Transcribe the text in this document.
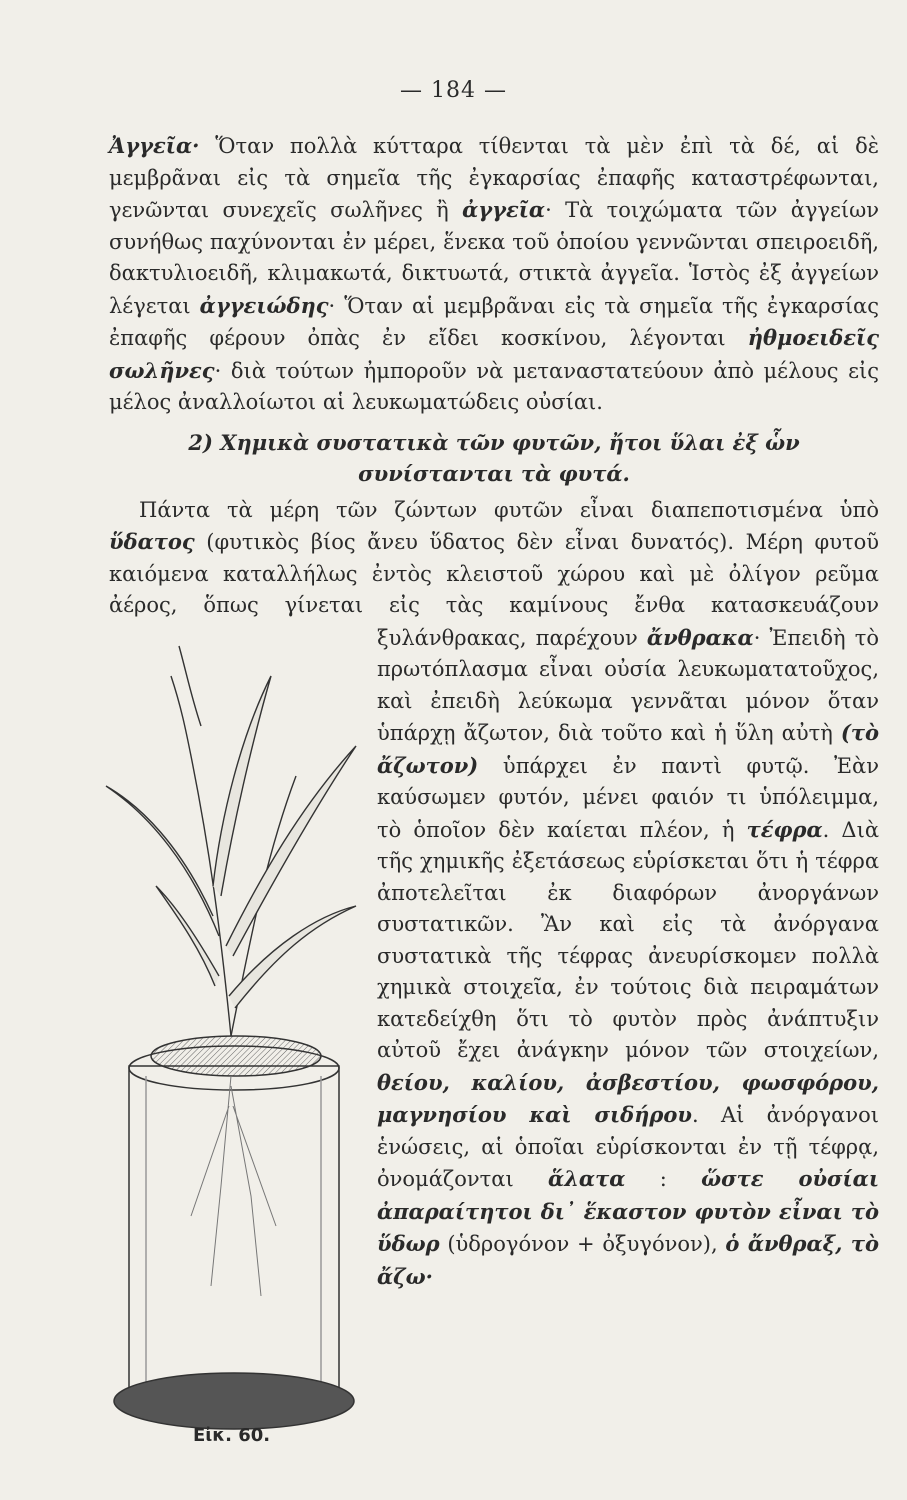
— 184 —

Ἀγγεῖα· Ὅταν πολλὰ κύτταρα τίθενται τὰ μὲν ἐπὶ τὰ δέ, αἱ δὲ μεμβρᾶναι εἰς τὰ σημεῖα τῆς ἐγκαρσίας ἐπαφῆς καταστρέφωνται, γενῶνται συνεχεῖς σωλῆνες ἢ ἀγγεῖα· Τὰ τοιχώματα τῶν ἀγγείων συνήθως παχύνονται ἐν μέρει, ἕνεκα τοῦ ὁποίου γεννῶνται σπειροειδῆ, δακτυλιοειδῆ, κλιμακωτά, δικτυωτά, στικτὰ ἀγγεῖα. Ἱστὸς ἐξ ἀγγείων λέγεται ἀγγειώδης· Ὅταν αἱ μεμβρᾶναι εἰς τὰ σημεῖα τῆς ἐγκαρσίας ἐπαφῆς φέρουν ὀπὰς ἐν εἴδει κοσκίνου, λέγονται ἠθμοειδεῖς σωλῆνες· διὰ τούτων ἠμποροῦν νὰ μεταναστατεύουν ἀπὸ μέλους εἰς μέλος ἀναλλοίωτοι αἱ λευκωματώδεις οὐσίαι.

2) Χημικὰ συστατικὰ τῶν φυτῶν, ἤτοι ὕλαι ἐξ ὧν
συνίστανται τὰ φυτά.

Πάντα τὰ μέρη τῶν ζώντων φυτῶν εἶναι διαπεποτισμένα ὑπὸ ὕδατος (φυτικὸς βίος ἄνευ ὕδατος δὲν εἶναι δυνατός). Μέρη φυτοῦ καιόμενα καταλλήλως ἐντὸς κλειστοῦ χώρου καὶ μὲ ὀλίγον ρεῦμα ἀέρος, ὅπως γίνεται εἰς τὰς καμίνους ἔνθα κατασκευάζουν ξυλάνθρακας, παρέχουν
Εἰκ. 60.
ἄνθρακα· Ἐπειδὴ τὸ πρωτόπλασμα εἶναι οὐσία λευκωματατοῦχος, καὶ ἐπειδὴ λεύκωμα γεννᾶται μόνον ὅταν ὑπάρχῃ ἄζωτον, διὰ τοῦτο καὶ ἡ ὕλη αὐτὴ (τὸ ἄζωτον) ὑπάρχει ἐν παντὶ φυτῷ. Ἐὰν καύσωμεν φυτόν, μένει φαιόν τι ὑπόλειμμα, τὸ ὁποῖον δὲν καίεται πλέον, ἡ τέφρα. Διὰ τῆς χημικῆς ἐξετάσεως εὑρίσκεται ὅτι ἡ τέφρα ἀποτελεῖται ἐκ διαφόρων ἀνοργάνων συστατικῶν. Ἂν καὶ εἰς τὰ ἀνόργανα συστατικὰ τῆς τέφρας ἀνευρίσκομεν πολλὰ χημικὰ στοιχεῖα, ἐν τούτοις διὰ πειραμάτων κατεδείχθη ὅτι τὸ φυτὸν πρὸς ἀνάπτυξιν αὐτοῦ ἔχει ἀνάγκην μόνον τῶν στοιχείων, θείου, καλίου, ἀσβεστίου, φωσφόρου, μαγνησίου καὶ σιδήρου. Αἱ ἀνόργανοι ἑνώσεις, αἱ ὁποῖαι εὑρίσκονται ἐν τῇ τέφρᾳ, ὀνομάζονται ἅλατα : ὥστε οὐσίαι ἀπαραίτητοι δι᾽ ἕκαστον φυτὸν εἶναι τὸ ὕδωρ (ὑδρογόνον + ὀξυγόνον), ὁ ἄνθραξ, τὸ ἄζω·
